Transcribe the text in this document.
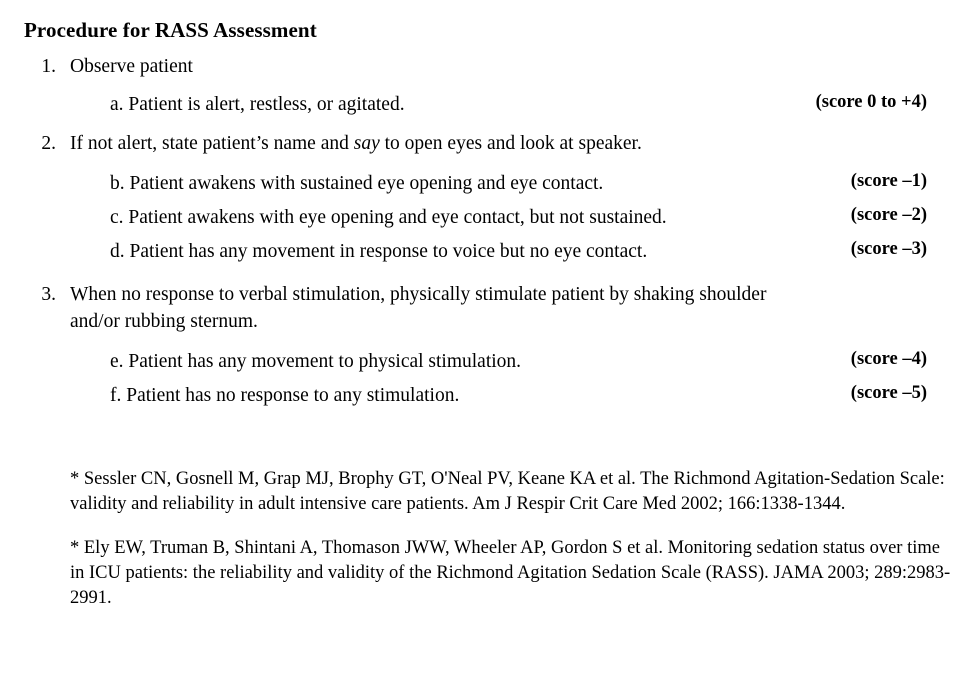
Procedure for RASS Assessment
1. Observe patient
a. Patient is alert, restless, or agitated.	(score 0 to +4)
2. If not alert, state patient’s name and say to open eyes and look at speaker.
b. Patient awakens with sustained eye opening and eye contact.	(score –1)
c. Patient awakens with eye opening and eye contact, but not sustained.	(score –2)
d. Patient has any movement in response to voice but no eye contact.	(score –3)
3. When no response to verbal stimulation, physically stimulate patient by shaking shoulder and/or rubbing sternum.
e. Patient has any movement to physical stimulation.	(score –4)
f. Patient has no response to any stimulation.	(score –5)

* Sessler CN, Gosnell M, Grap MJ, Brophy GT, O'Neal PV, Keane KA et al. The Richmond Agitation-Sedation Scale: validity and reliability in adult intensive care patients. Am J Respir Crit Care Med 2002; 166:1338-1344.

* Ely EW, Truman B, Shintani A, Thomason JWW, Wheeler AP, Gordon S et al. Monitoring sedation status over time in ICU patients: the reliability and validity of the Richmond Agitation Sedation Scale (RASS). JAMA 2003; 289:2983-2991.
